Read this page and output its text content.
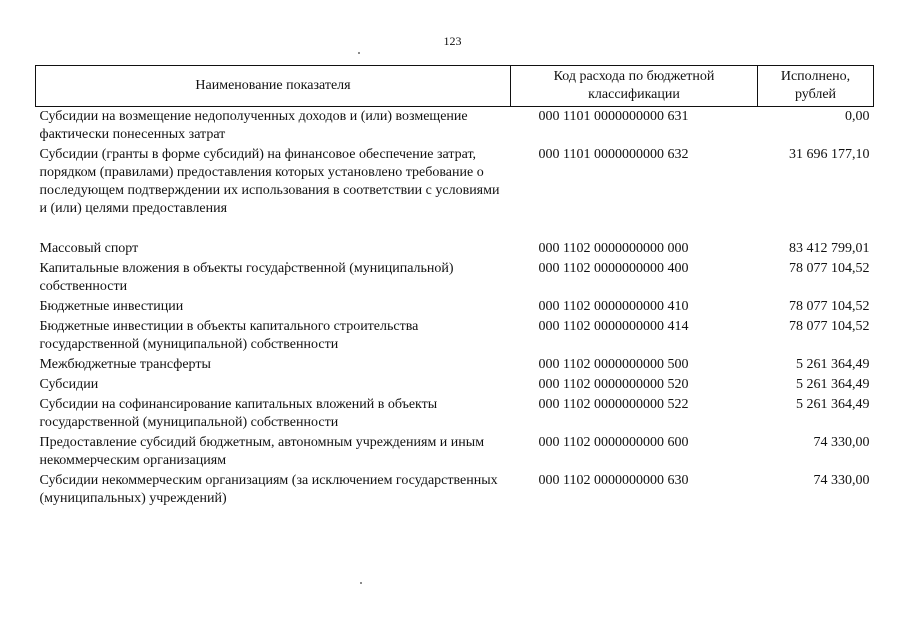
123
Наименование показателя	Код расхода по бюджетной классификации	Исполнено, рублей
Субсидии на возмещение недополученных доходов и (или) возмещение фактически понесенных затрат	000 1101 0000000000 631	0,00
Субсидии (гранты в форме субсидий) на финансовое обеспечение затрат, порядком (правилами) предоставления которых установлено требование о последующем подтверждении их использования в соответствии с условиями и (или) целями предоставления	000 1101 0000000000 632	31 696 177,10

Массовый спорт	000 1102 0000000000 000	83 412 799,01
Капитальные вложения в объекты государственной (муниципальной) собственности	000 1102 0000000000 400	78 077 104,52
Бюджетные инвестиции	000 1102 0000000000 410	78 077 104,52
Бюджетные инвестиции в объекты капитального строительства государственной (муниципальной) собственности	000 1102 0000000000 414	78 077 104,52
Межбюджетные трансферты	000 1102 0000000000 500	5 261 364,49
Субсидии	000 1102 0000000000 520	5 261 364,49
Субсидии на софинансирование капитальных вложений в объекты государственной (муниципальной) собственности	000 1102 0000000000 522	5 261 364,49
Предоставление субсидий бюджетным, автономным учреждениям и иным некоммерческим организациям	000 1102 0000000000 600	74 330,00
Субсидии некоммерческим организациям (за исключением государственных (муниципальных) учреждений)	000 1102 0000000000 630	74 330,00
